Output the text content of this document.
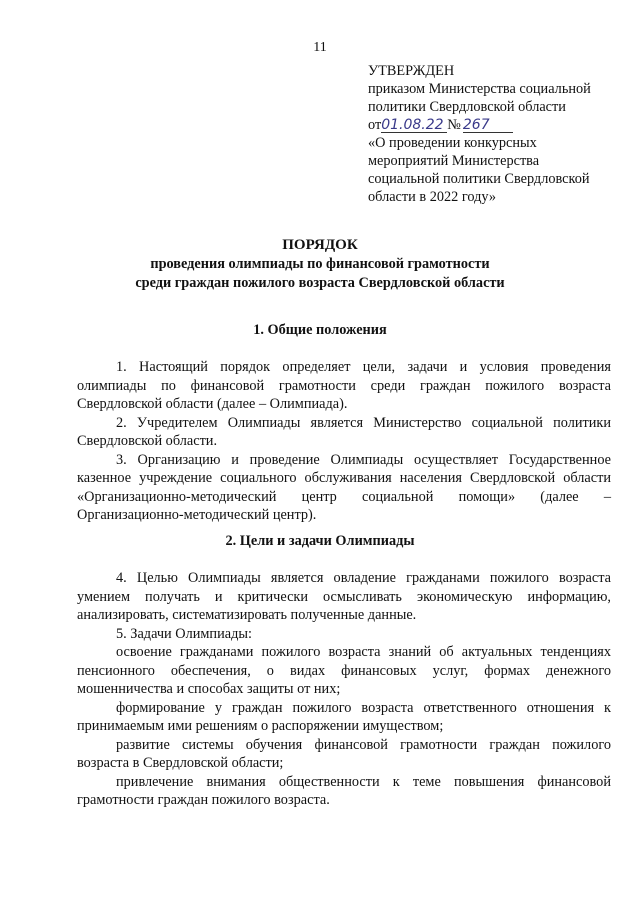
11
УТВЕРЖДЕН
приказом Министерства социальной
политики Свердловской области
от01.08.22 № 267
«О проведении конкурсных
мероприятий Министерства
социальной политики Свердловской
области в 2022 году»
ПОРЯДОК
проведения олимпиады по финансовой грамотности
среди граждан пожилого возраста Свердловской области
1. Общие положения

1. Настоящий порядок определяет цели, задачи и условия проведения олимпиады по финансовой грамотности среди граждан пожилого возраста Свердловской области (далее – Олимпиада).

2. Учредителем Олимпиады является Министерство социальной политики Свердловской области.

3. Организацию и проведение Олимпиады осуществляет Государственное казенное учреждение социального обслуживания населения Свердловской области «Организационно-методический центр социальной помощи» (далее – Организационно-методический центр).

2. Цели и задачи Олимпиады

4. Целью Олимпиады является овладение гражданами пожилого возраста умением получать и критически осмысливать экономическую информацию, анализировать, систематизировать полученные данные.

5. Задачи Олимпиады:

освоение гражданами пожилого возраста знаний об актуальных тенденциях пенсионного обеспечения, о видах финансовых услуг, формах денежного мошенничества и способах защиты от них;

формирование у граждан пожилого возраста ответственного отношения к принимаемым ими решениям о распоряжении имуществом;

развитие системы обучения финансовой грамотности граждан пожилого возраста в Свердловской области;

привлечение внимания общественности к теме повышения финансовой грамотности граждан пожилого возраста.
